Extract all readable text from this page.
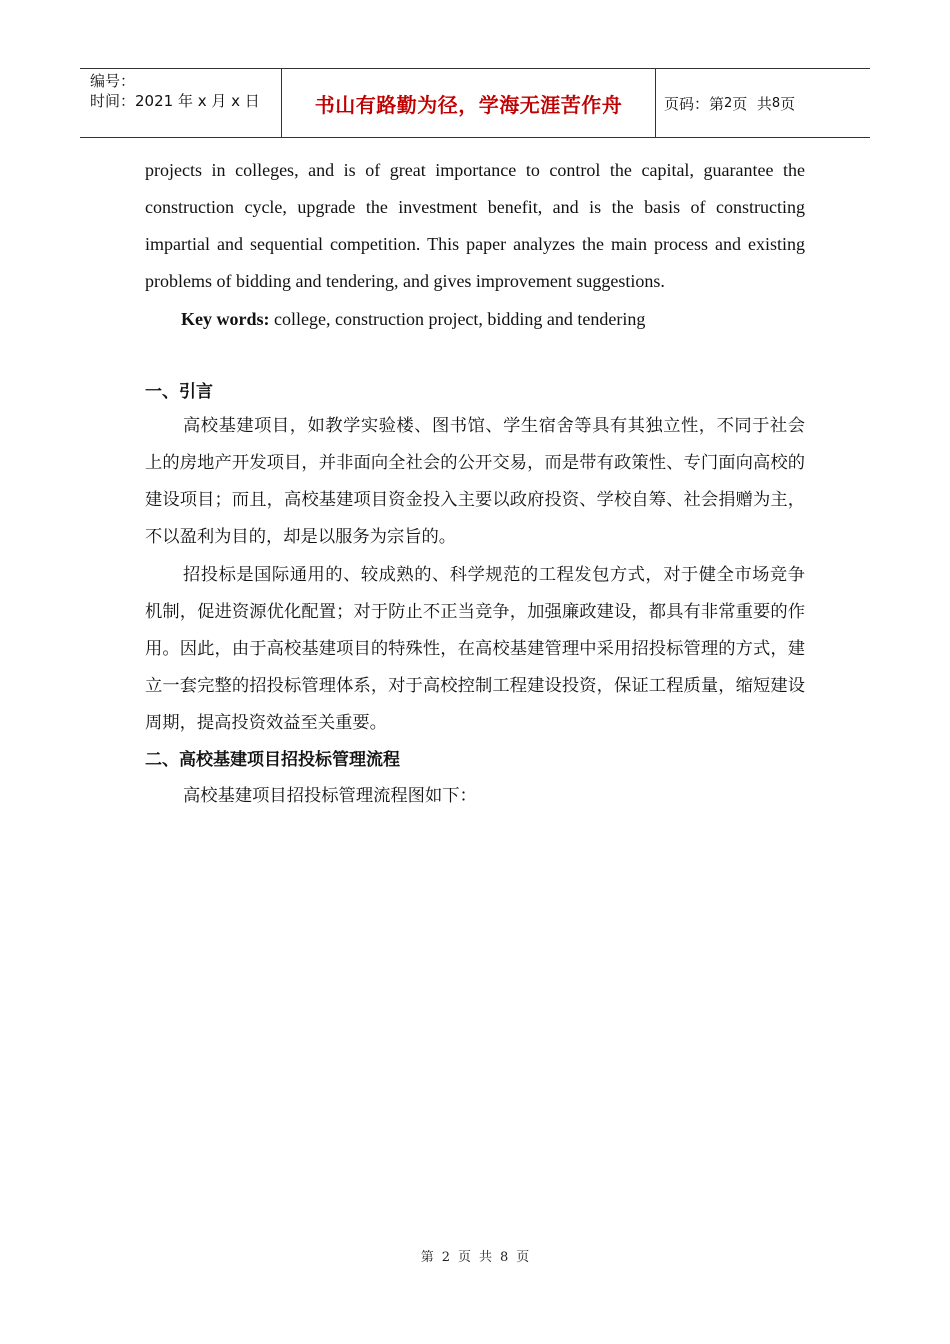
编号：
时间：2021 年 x 月 x 日	书山有路勤为径，学海无涯苦作舟	页码：第 2 页  共 8 页

projects in colleges, and is of great importance to control the capital, guarantee the construction cycle, upgrade the investment benefit, and is the basis of constructing impartial and sequential competition. This paper analyzes the main process and existing problems of bidding and tendering, and gives improvement suggestions.

Key words: college, construction project, bidding and tendering

一、引言

高校基建项目，如教学实验楼、图书馆、学生宿舍等具有其独立性，不同于社会上的房地产开发项目，并非面向全社会的公开交易，而是带有政策性、专门面向高校的建设项目；而且，高校基建项目资金投入主要以政府投资、学校自筹、社会捐赠为主，不以盈利为目的，却是以服务为宗旨的。

招投标是国际通用的、较成熟的、科学规范的工程发包方式，对于健全市场竞争机制，促进资源优化配置；对于防止不正当竞争，加强廉政建设，都具有非常重要的作用。因此，由于高校基建项目的特殊性，在高校基建管理中采用招投标管理的方式，建立一套完整的招投标管理体系，对于高校控制工程建设投资，保证工程质量，缩短建设周期，提高投资效益至关重要。

二、高校基建项目招投标管理流程

高校基建项目招投标管理流程图如下：

第 2 页 共 8 页
